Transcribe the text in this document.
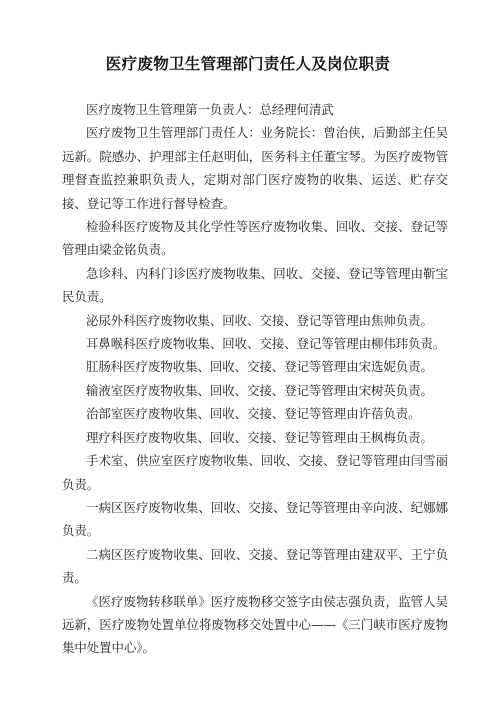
医疗废物卫生管理部门责任人及岗位职责

医疗废物卫生管理第一负责人：总经理何清武

医疗废物卫生管理部门责任人：业务院长：曾治侠，后勤部主任吴远新。院感办、护理部主任赵明仙，医务科主任董宝琴。为医疗废物管理督查监控兼职负责人，定期对部门医疗废物的收集、运送、贮存交接、登记等工作进行督导检查。

检验科医疗废物及其化学性等医疗废物收集、回收、交接、登记等管理由梁金铭负责。

急诊科、内科门诊医疗废物收集、回收、交接、登记等管理由靳宝民负责。

泌尿外科医疗废物收集、回收、交接、登记等管理由焦帅负责。

耳鼻喉科医疗废物收集、回收、交接、登记等管理由柳伟玮负责。

肛肠科医疗废物收集、回收、交接、登记等管理由宋选妮负责。

输液室医疗废物收集、回收、交接、登记等管理由宋树英负责。

治部室医疗废物收集、回收、交接、登记等管理由许蓓负责。

理疗科医疗废物收集、回收、交接、登记等管理由王枫梅负责。

手术室、供应室医疗废物收集、回收、交接、登记等管理由闫雪丽负责。

一病区医疗废物收集、回收、交接、登记等管理由辛向波、纪娜娜负责。

二病区医疗废物收集、回收、交接、登记等管理由建双平、王宁负责。

《医疗废物转移联单》医疗废物移交签字由侯志强负责，监管人吴远新，医疗废物处置单位将废物移交处置中心——《三门峡市医疗废物集中处置中心》。
